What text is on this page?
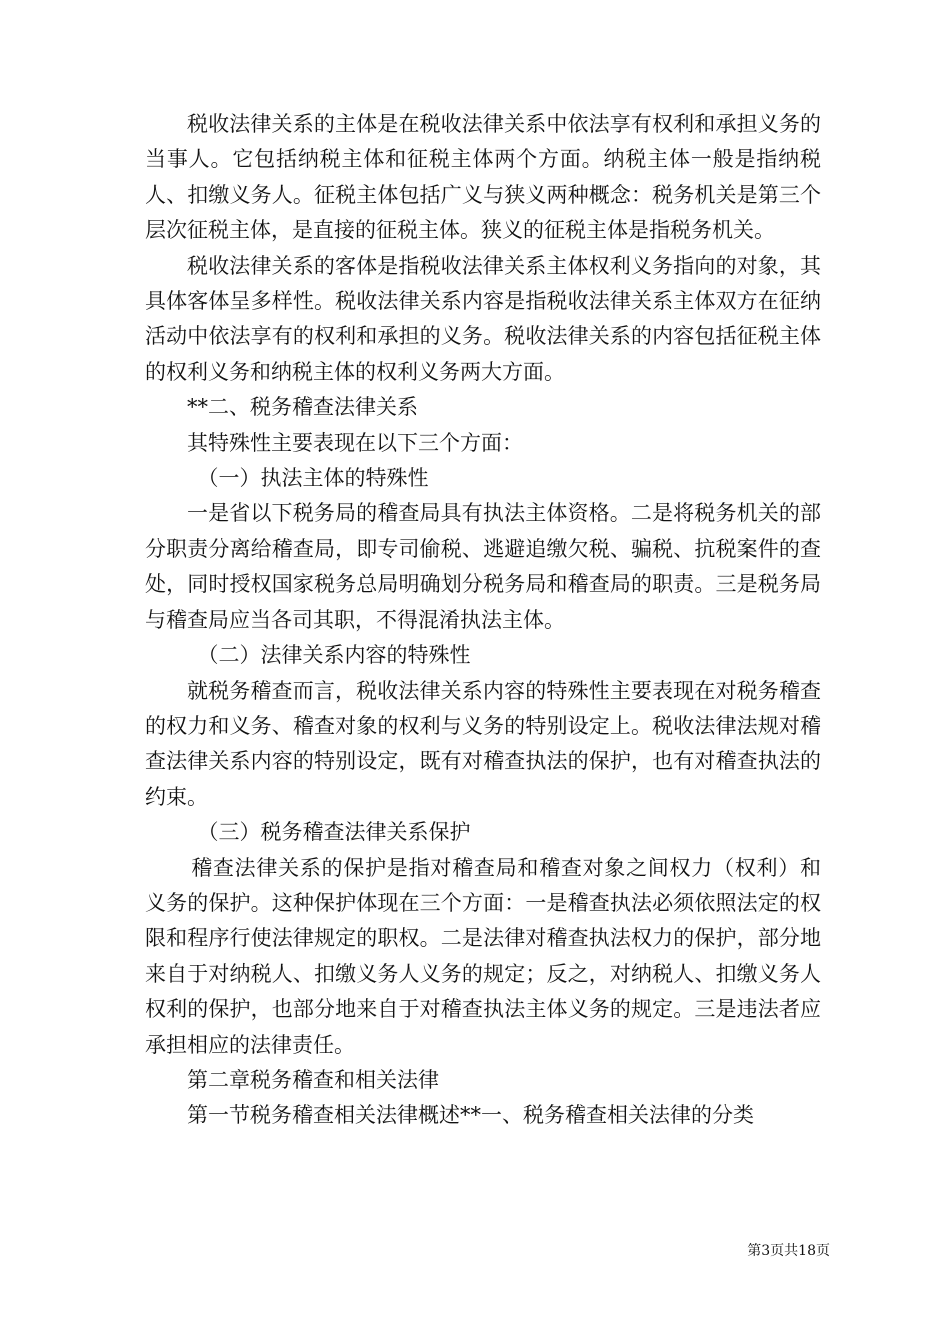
税收法律关系的主体是在税收法律关系中依法享有权利和承担义务的当事人。它包括纳税主体和征税主体两个方面。纳税主体一般是指纳税人、扣缴义务人。征税主体包括广义与狭义两种概念：税务机关是第三个层次征税主体，是直接的征税主体。狭义的征税主体是指税务机关。

税收法律关系的客体是指税收法律关系主体权利义务指向的对象，其具体客体呈多样性。税收法律关系内容是指税收法律关系主体双方在征纳活动中依法享有的权利和承担的义务。税收法律关系的内容包括征税主体的权利义务和纳税主体的权利义务两大方面。

**二、税务稽查法律关系

其特殊性主要表现在以下三个方面：

（一）执法主体的特殊性

一是省以下税务局的稽查局具有执法主体资格。二是将税务机关的部分职责分离给稽查局，即专司偷税、逃避追缴欠税、骗税、抗税案件的查处，同时授权国家税务总局明确划分税务局和稽查局的职责。三是税务局与稽查局应当各司其职，不得混淆执法主体。

（二）法律关系内容的特殊性

就税务稽查而言，税收法律关系内容的特殊性主要表现在对税务稽查的权力和义务、稽查对象的权利与义务的特别设定上。税收法律法规对稽查法律关系内容的特别设定，既有对稽查执法的保护，也有对稽查执法的约束。

（三）税务稽查法律关系保护

稽查法律关系的保护是指对稽查局和稽查对象之间权力（权利）和义务的保护。这种保护体现在三个方面：一是稽查执法必须依照法定的权限和程序行使法律规定的职权。二是法律对稽查执法权力的保护，部分地来自于对纳税人、扣缴义务人义务的规定；反之，对纳税人、扣缴义务人权利的保护，也部分地来自于对稽查执法主体义务的规定。三是违法者应承担相应的法律责任。

第二章税务稽查和相关法律

第一节税务稽查相关法律概述**一、税务稽查相关法律的分类

第3页共18页
